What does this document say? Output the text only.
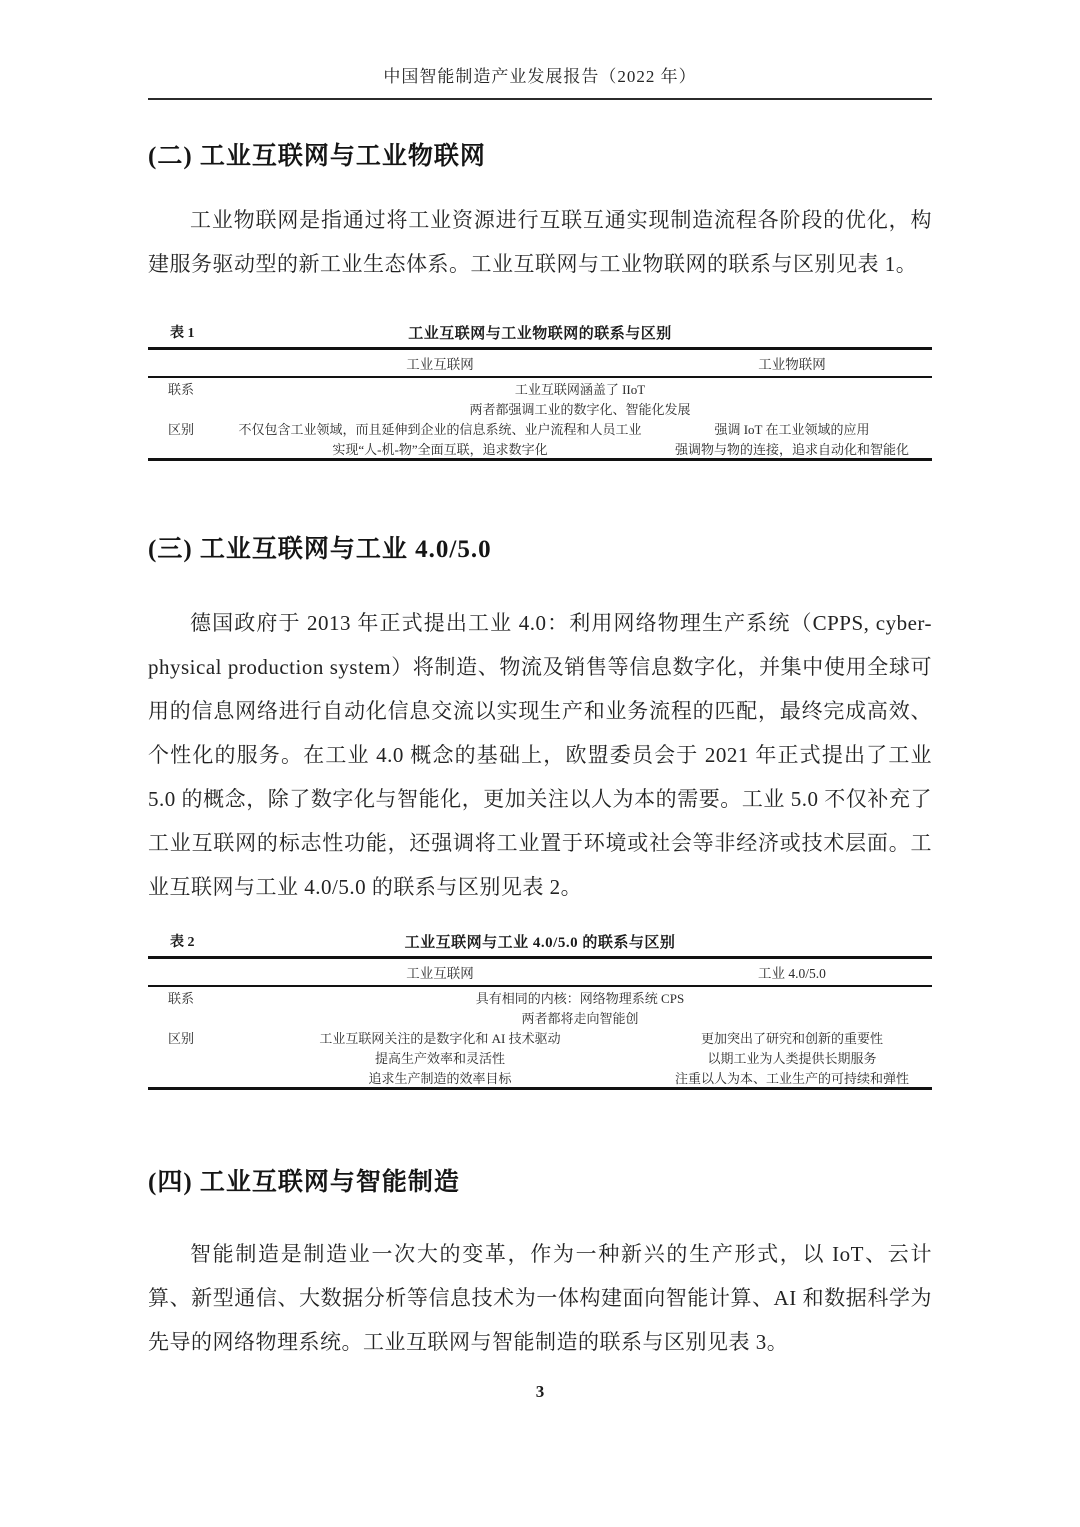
中国智能制造产业发展报告（2022 年）
(二) 工业互联网与工业物联网
工业物联网是指通过将工业资源进行互联互通实现制造流程各阶段的优化，构建服务驱动型的新工业生态体系。工业互联网与工业物联网的联系与区别见表 1。
表 1	工业互联网与工业物联网的联系与区别
工业互联网	工业物联网
联系	工业互联网涵盖了 IIoT
两者都强调工业的数字化、智能化发展
区别	不仅包含工业领域，而且延伸到企业的信息系统、业户流程和人员工业	强调 IoT 在工业领域的应用
实现“人-机-物”全面互联，追求数字化	强调物与物的连接，追求自动化和智能化
(三) 工业互联网与工业 4.0/5.0
德国政府于 2013 年正式提出工业 4.0：利用网络物理生产系统（CPPS, cyber-physical production system）将制造、物流及销售等信息数字化，并集中使用全球可用的信息网络进行自动化信息交流以实现生产和业务流程的匹配，最终完成高效、个性化的服务。在工业 4.0 概念的基础上，欧盟委员会于 2021 年正式提出了工业 5.0 的概念，除了数字化与智能化，更加关注以人为本的需要。工业 5.0 不仅补充了工业互联网的标志性功能，还强调将工业置于环境或社会等非经济或技术层面。工业互联网与工业 4.0/5.0 的联系与区别见表 2。
表 2	工业互联网与工业 4.0/5.0 的联系与区别
工业互联网	工业 4.0/5.0
联系	具有相同的内核：网络物理系统 CPS
两者都将走向智能创
区别	工业互联网关注的是数字化和 AI 技术驱动	更加突出了研究和创新的重要性
提高生产效率和灵活性	以期工业为人类提供长期服务
追求生产制造的效率目标	注重以人为本、工业生产的可持续和弹性
(四) 工业互联网与智能制造
智能制造是制造业一次大的变革，作为一种新兴的生产形式，以 IoT、云计算、新型通信、大数据分析等信息技术为一体构建面向智能计算、AI 和数据科学为先导的网络物理系统。工业互联网与智能制造的联系与区别见表 3。
3
